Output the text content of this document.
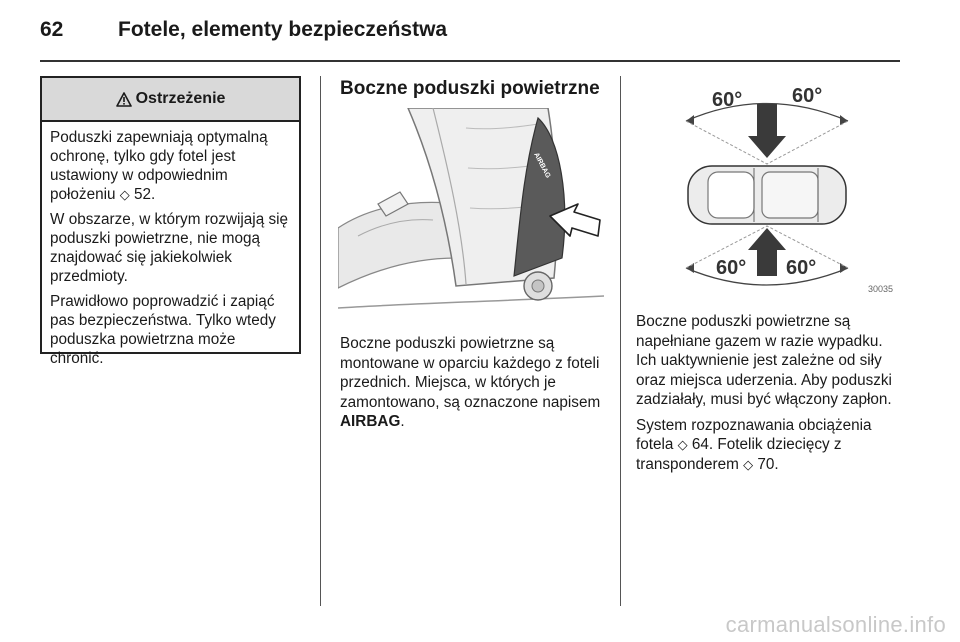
62	Fotele, elementy bezpieczeństwa
Ostrzeżenie

Poduszki zapewniają optymalną ochronę, tylko gdy fotel jest ustawiony w odpowiednim położeniu ◇ 52.

W obszarze, w którym rozwijają się poduszki powietrzne, nie mogą znajdować się jakiekolwiek przedmioty.

Prawidłowo poprowadzić i zapiąć pas bezpieczeństwa. Tylko wtedy poduszka powietrzna może chronić.

Boczne poduszki powietrzne
AIRBAG

Boczne poduszki powietrzne są montowane w oparciu każdego z foteli przednich. Miejsca, w których je zamontowano, są oznaczone napisem AIRBAG.

60° 60°
60° 60°
30035

Boczne poduszki powietrzne są napełniane gazem w razie wypadku. Ich uaktywnienie jest zależne od siły oraz miejsca uderzenia. Aby poduszki zadziałały, musi być włączony zapłon.

System rozpoznawania obciążenia fotela ◇ 64. Fotelik dziecięcy z transponderem ◇ 70.

carmanualsonline.info
